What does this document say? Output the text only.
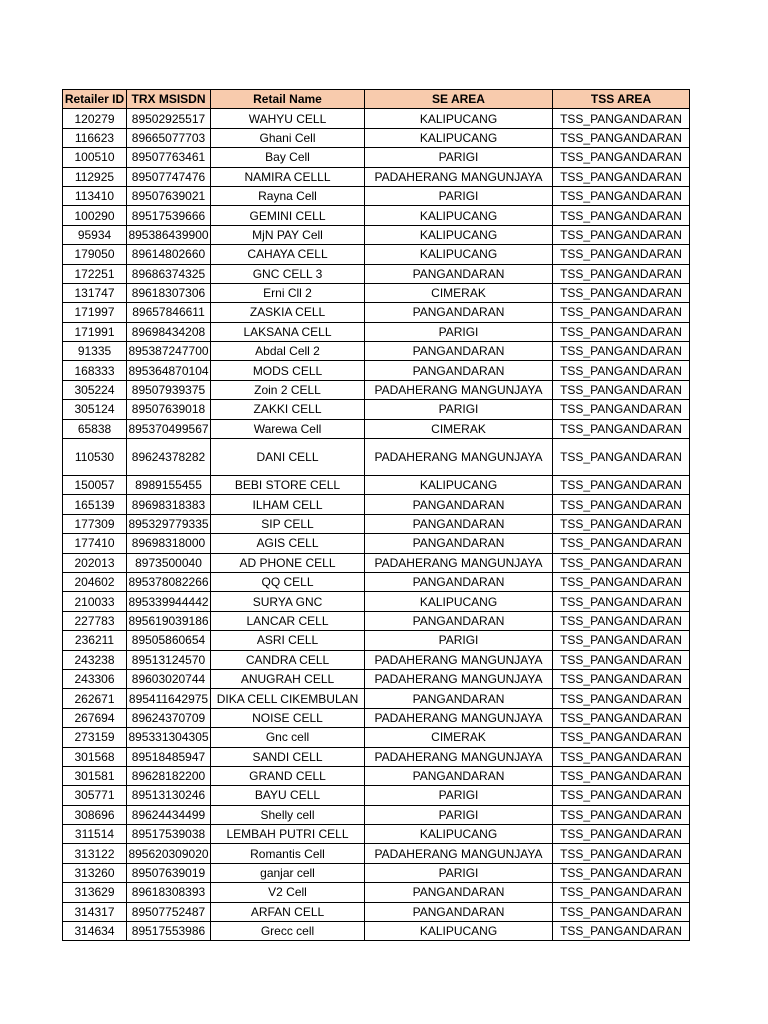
Retailer ID	TRX MSISDN	Retail Name	SE AREA	TSS AREA
120279	89502925517	WAHYU CELL	KALIPUCANG	TSS_PANGANDARAN
116623	89665077703	Ghani Cell	KALIPUCANG	TSS_PANGANDARAN
100510	89507763461	Bay Cell	PARIGI	TSS_PANGANDARAN
112925	89507747476	NAMIRA CELLL	PADAHERANG MANGUNJAYA	TSS_PANGANDARAN
113410	89507639021	Rayna Cell	PARIGI	TSS_PANGANDARAN
100290	89517539666	GEMINI CELL	KALIPUCANG	TSS_PANGANDARAN
95934	895386439900	MjN PAY Cell	KALIPUCANG	TSS_PANGANDARAN
179050	89614802660	CAHAYA CELL	KALIPUCANG	TSS_PANGANDARAN
172251	89686374325	GNC CELL 3	PANGANDARAN	TSS_PANGANDARAN
131747	89618307306	Erni Cll 2	CIMERAK	TSS_PANGANDARAN
171997	89657846611	ZASKIA CELL	PANGANDARAN	TSS_PANGANDARAN
171991	89698434208	LAKSANA CELL	PARIGI	TSS_PANGANDARAN
91335	895387247700	Abdal Cell 2	PANGANDARAN	TSS_PANGANDARAN
168333	895364870104	MODS CELL	PANGANDARAN	TSS_PANGANDARAN
305224	89507939375	Zoin 2 CELL	PADAHERANG MANGUNJAYA	TSS_PANGANDARAN
305124	89507639018	ZAKKI CELL	PARIGI	TSS_PANGANDARAN
65838	895370499567	Warewa Cell	CIMERAK	TSS_PANGANDARAN
110530	89624378282	DANI CELL	PADAHERANG MANGUNJAYA	TSS_PANGANDARAN
150057	8989155455	BEBI STORE CELL	KALIPUCANG	TSS_PANGANDARAN
165139	89698318383	ILHAM CELL	PANGANDARAN	TSS_PANGANDARAN
177309	895329779335	SIP CELL	PANGANDARAN	TSS_PANGANDARAN
177410	89698318000	AGIS CELL	PANGANDARAN	TSS_PANGANDARAN
202013	8973500040	AD PHONE CELL	PADAHERANG MANGUNJAYA	TSS_PANGANDARAN
204602	895378082266	QQ CELL	PANGANDARAN	TSS_PANGANDARAN
210033	895339944442	SURYA GNC	KALIPUCANG	TSS_PANGANDARAN
227783	895619039186	LANCAR CELL	PANGANDARAN	TSS_PANGANDARAN
236211	89505860654	ASRI CELL	PARIGI	TSS_PANGANDARAN
243238	89513124570	CANDRA CELL	PADAHERANG MANGUNJAYA	TSS_PANGANDARAN
243306	89603020744	ANUGRAH CELL	PADAHERANG MANGUNJAYA	TSS_PANGANDARAN
262671	895411642975	DIKA CELL CIKEMBULAN	PANGANDARAN	TSS_PANGANDARAN
267694	89624370709	NOISE CELL	PADAHERANG MANGUNJAYA	TSS_PANGANDARAN
273159	895331304305	Gnc cell	CIMERAK	TSS_PANGANDARAN
301568	89518485947	SANDI CELL	PADAHERANG MANGUNJAYA	TSS_PANGANDARAN
301581	89628182200	GRAND CELL	PANGANDARAN	TSS_PANGANDARAN
305771	89513130246	BAYU CELL	PARIGI	TSS_PANGANDARAN
308696	89624434499	Shelly cell	PARIGI	TSS_PANGANDARAN
311514	89517539038	LEMBAH PUTRI CELL	KALIPUCANG	TSS_PANGANDARAN
313122	895620309020	Romantis Cell	PADAHERANG MANGUNJAYA	TSS_PANGANDARAN
313260	89507639019	ganjar cell	PARIGI	TSS_PANGANDARAN
313629	89618308393	V2 Cell	PANGANDARAN	TSS_PANGANDARAN
314317	89507752487	ARFAN CELL	PANGANDARAN	TSS_PANGANDARAN
314634	89517553986	Grecc cell	KALIPUCANG	TSS_PANGANDARAN
